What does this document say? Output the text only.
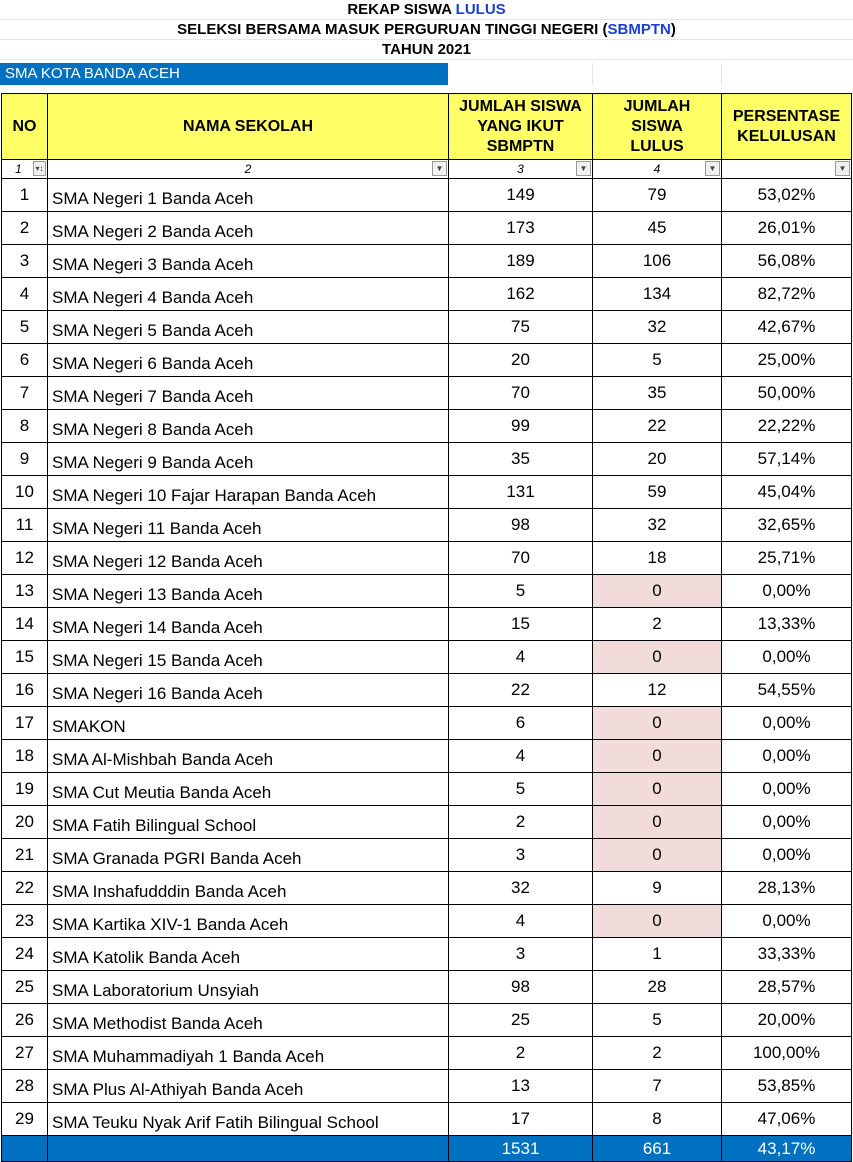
REKAP SISWA LULUS
SELEKSI BERSAMA MASUK PERGURUAN TINGGI NEGERI (SBMPTN)
TAHUN 2021
SMA KOTA BANDA ACEH
NO	NAMA SEKOLAH	JUMLAH SISWA YANG IKUT SBMPTN	JUMLAH SISWA LULUS	PERSENTASE KELULUSAN
1 ▾↕	2 ▼	3 ▼	4 ▼	▼

1	SMA Negeri 1 Banda Aceh	149	79	53,02%
2	SMA Negeri 2 Banda Aceh	173	45	26,01%
3	SMA Negeri 3 Banda Aceh	189	106	56,08%
4	SMA Negeri 4 Banda Aceh	162	134	82,72%
5	SMA Negeri 5 Banda Aceh	75	32	42,67%
6	SMA Negeri 6 Banda Aceh	20	5	25,00%
7	SMA Negeri 7 Banda Aceh	70	35	50,00%
8	SMA Negeri 8 Banda Aceh	99	22	22,22%
9	SMA Negeri 9 Banda Aceh	35	20	57,14%
10	SMA Negeri 10 Fajar Harapan Banda Aceh	131	59	45,04%
11	SMA Negeri 11 Banda Aceh	98	32	32,65%
12	SMA Negeri 12 Banda Aceh	70	18	25,71%
13	SMA Negeri 13 Banda Aceh	5	0	0,00%
14	SMA Negeri 14 Banda Aceh	15	2	13,33%
15	SMA Negeri 15 Banda Aceh	4	0	0,00%
16	SMA Negeri 16 Banda Aceh	22	12	54,55%
17	SMAKON	6	0	0,00%
18	SMA Al-Mishbah Banda Aceh	4	0	0,00%
19	SMA Cut Meutia Banda Aceh	5	0	0,00%
20	SMA Fatih Bilingual School	2	0	0,00%
21	SMA Granada PGRI Banda Aceh	3	0	0,00%
22	SMA Inshafudddin Banda Aceh	32	9	28,13%
23	SMA Kartika XIV-1 Banda Aceh	4	0	0,00%
24	SMA Katolik Banda Aceh	3	1	33,33%
25	SMA Laboratorium Unsyiah	98	28	28,57%
26	SMA Methodist Banda Aceh	25	5	20,00%
27	SMA Muhammadiyah 1 Banda Aceh	2	2	100,00%
28	SMA Plus Al-Athiyah Banda Aceh	13	7	53,85%
29	SMA Teuku Nyak Arif Fatih Bilingual School	17	8	47,06%
		1531	661	43,17%
